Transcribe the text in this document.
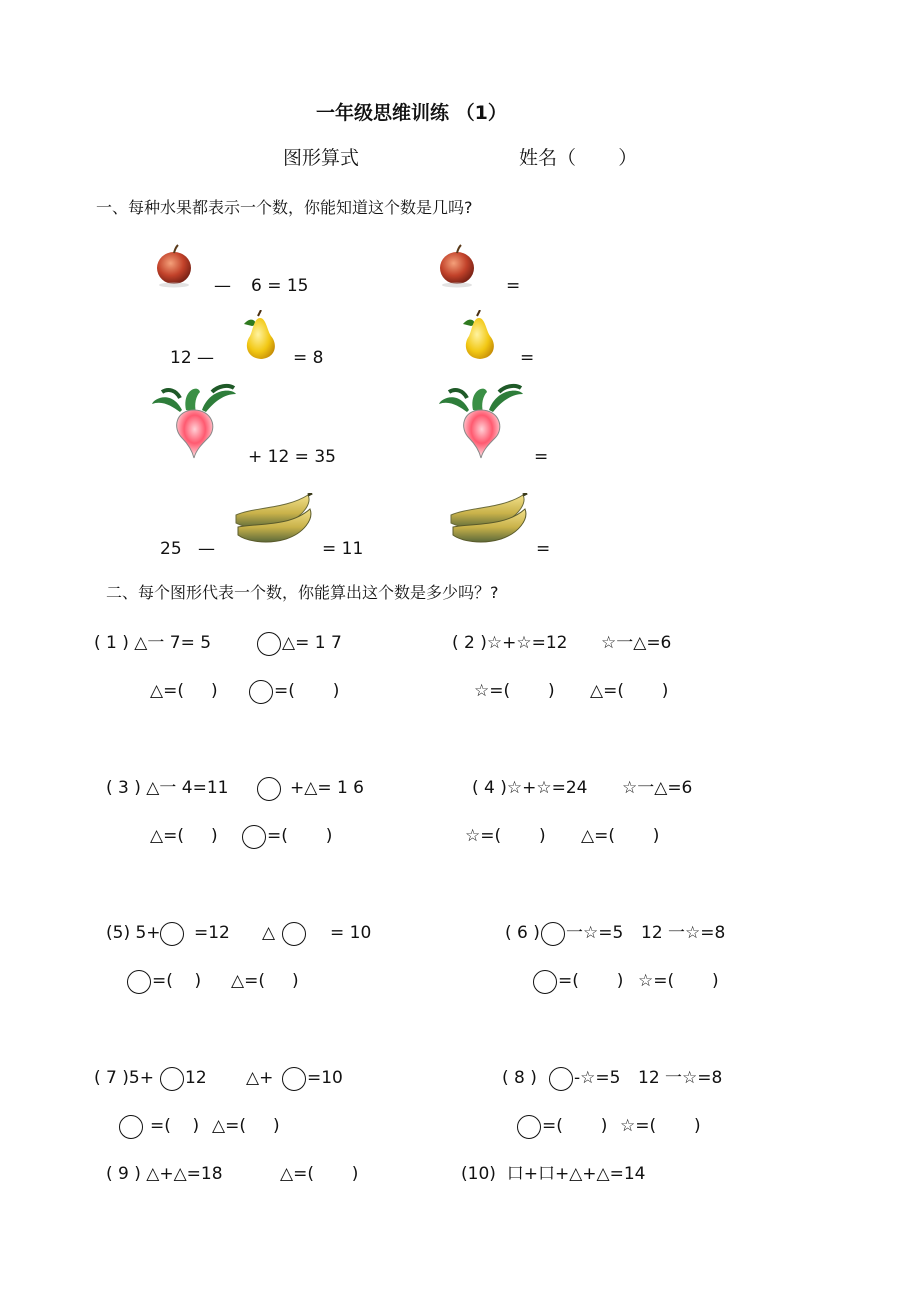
一年级思维训练 （1）
图形算式	姓名（       ）
一、每种水果都表示一个数，你能知道这个数是几吗?
— 6 = 15	=
12 —	= 8	=
+ 12 = 35	=
25 —	= 11	=
二、每个图形代表一个数，你能算出这个数是多少吗？?
( 1 ) △一 7= 5	△= 1 7
△=(     )	=(       )
( 2 )☆+☆=12 ☆一△=6
☆=(       ) △=(       )
( 3 ) △一 4=11	+△= 1 6
△=(     )	=(       )
( 4 )☆+☆=24 ☆一△=6
☆=(       ) △=(       )
(5) 5+ =12 △	= 10
=(    ) △=(     )
( 6 ) 一☆=5 12 一☆=8
=(       ) ☆=(       )
( 7 )5+ 12 △+ =10
=(    ) △=(     )
( 8 ) -☆=5 12 一☆=8
=(       ) ☆=(       )
( 9 ) △+△=18	△=(       )	(10)  口+口+△+△=14
